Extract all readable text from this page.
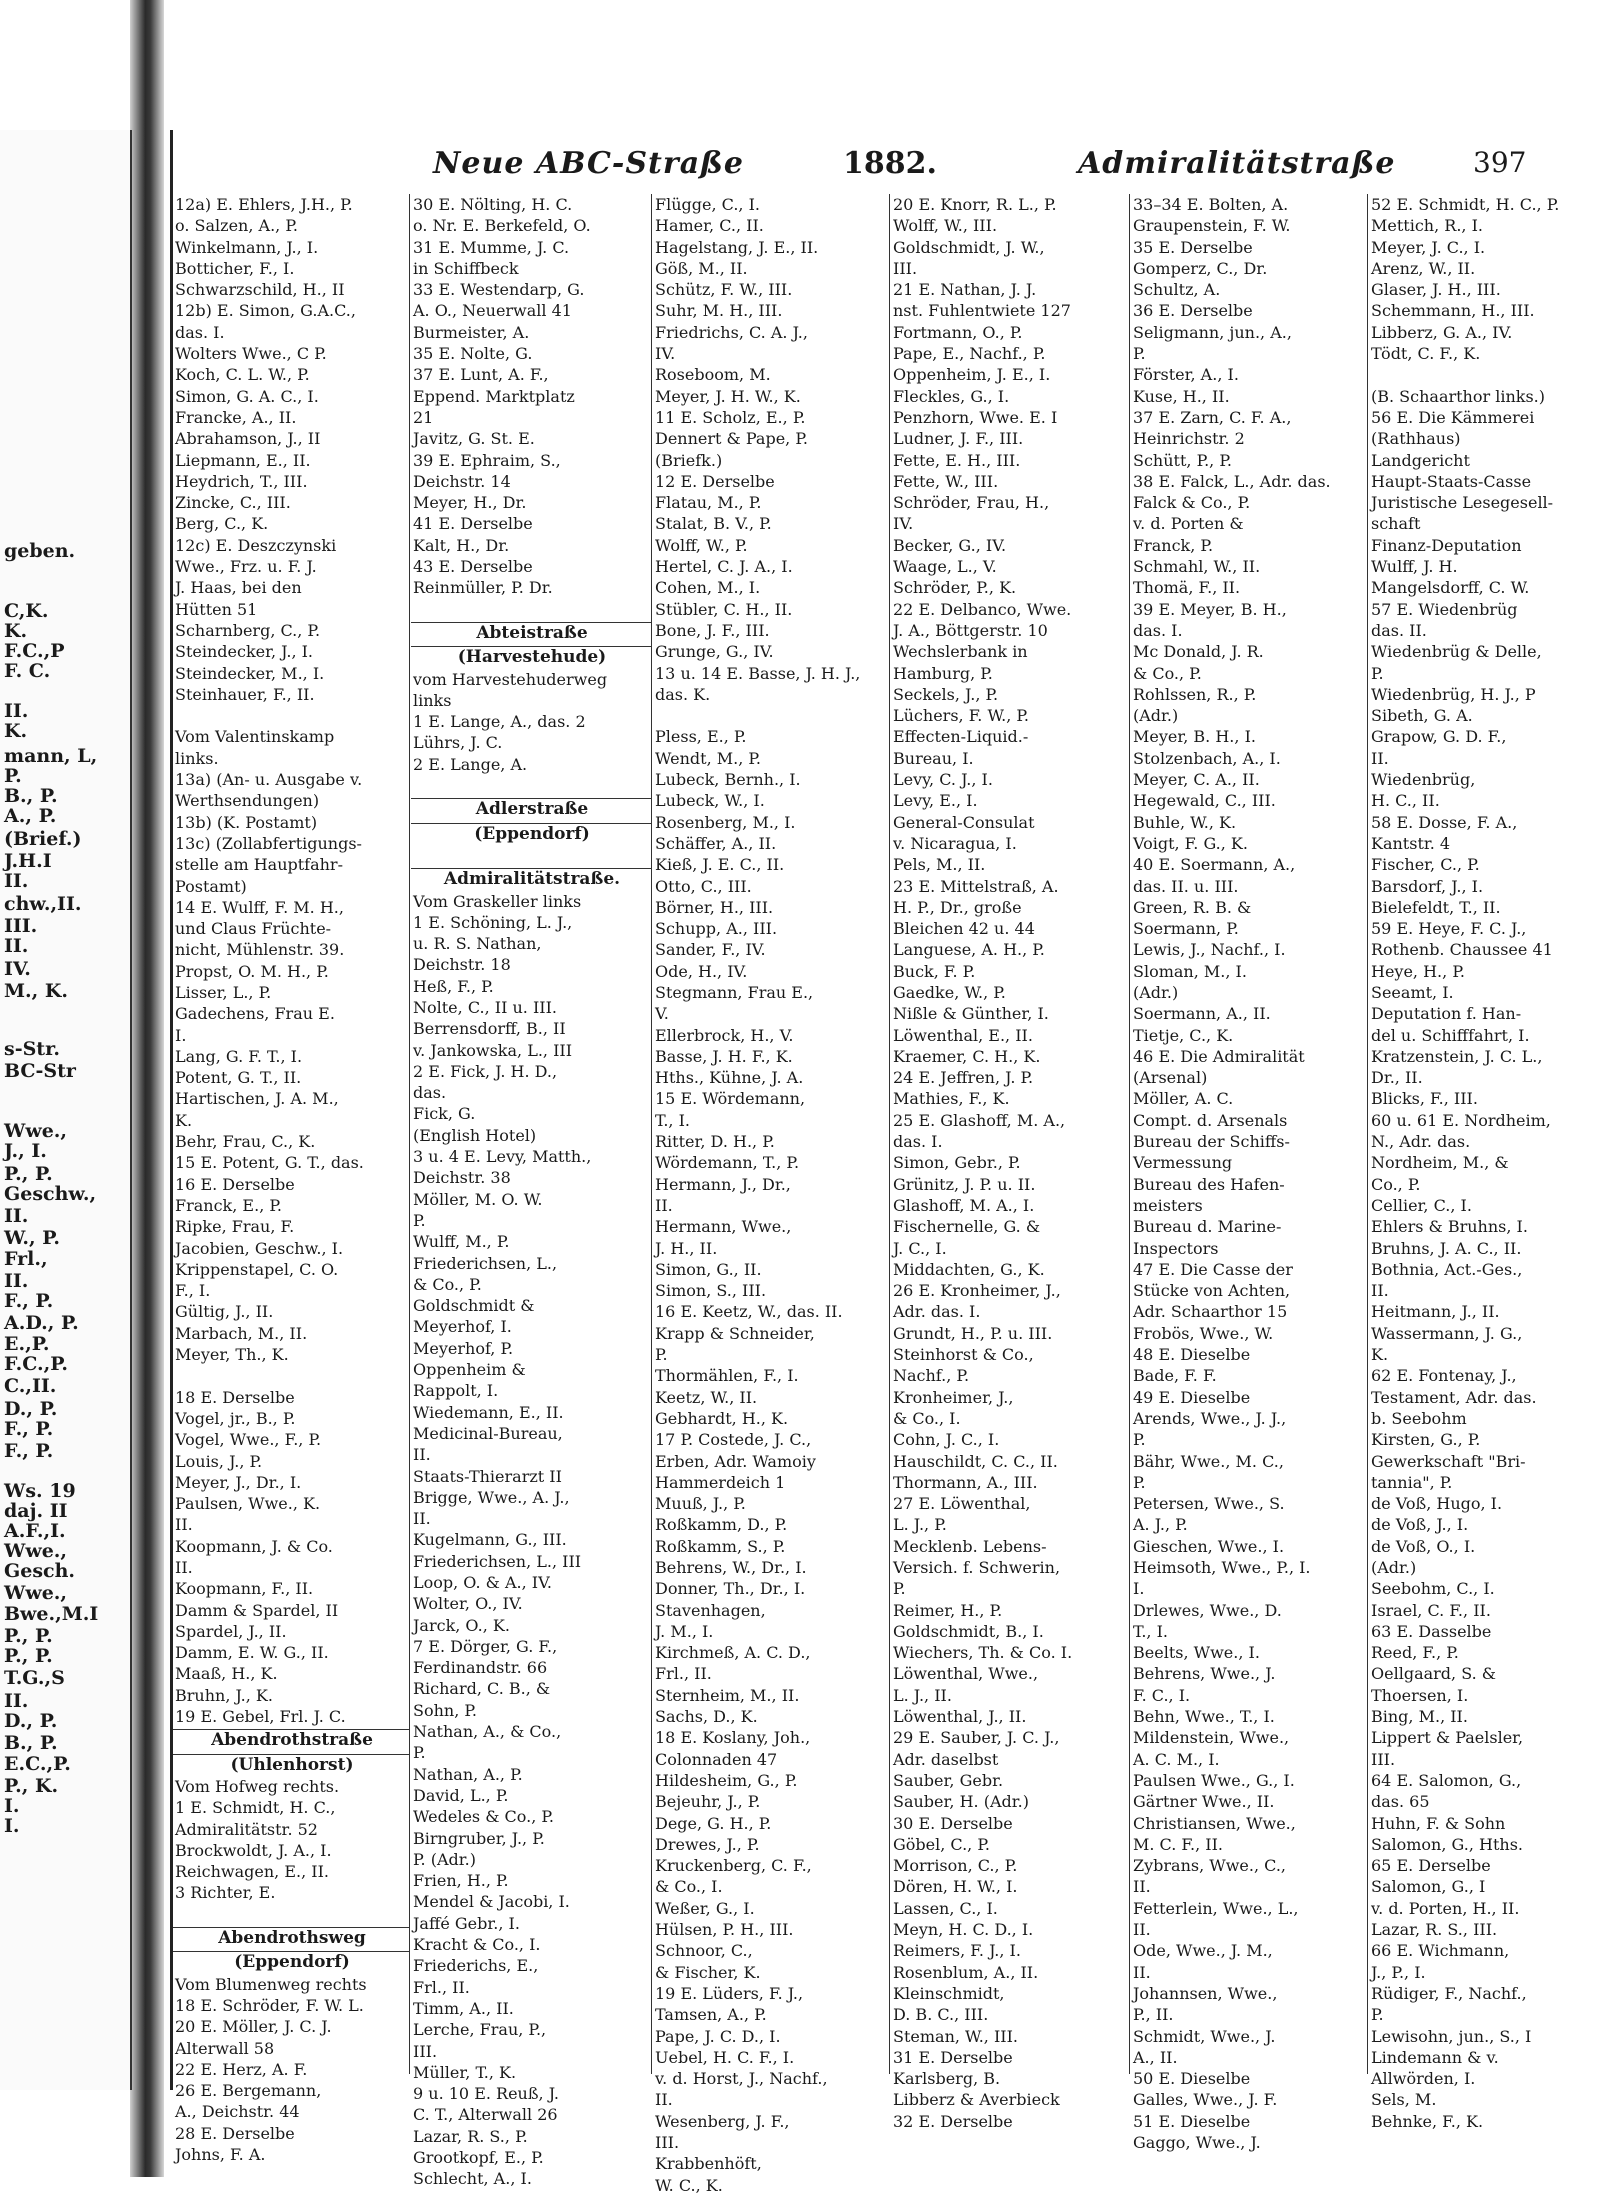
geben.
C,K.
K.
F.C.,P
F. C.
II.
K.
mann, L,
P.
B., P.
A., P.
(Brief.)
J.H.I
II.
chw.,II.
III.
II.
IV.
M., K.
s-Str.
BC-Str
Wwe.,
J., I.
P., P.
Geschw.,
II.
W., P.
Frl.,
II.
F., P.
A.D., P.
E.,P.
F.C.,P.
C.,II.
D., P.
F., P.
F., P.
Ws. 19
daj. II
A.F.,I.
Wwe.,
Gesch.
Wwe.,
Bwe.,M.I
P., P.
P., P.
T.G.,S
II.
D., P.
B., P.
E.C.,P.
P., K.
I.
I.
Neue ABC-Straße	1882.	Admiralitätstraße	397
12a) E. Ehlers, J.H., P.
o. Salzen, A., P.
Winkelmann, J., I.
Botticher, F., I.
Schwarzschild, H., II
12b) E. Simon, G.A.C.,
das. I.
Wolters Wwe., C P.
Koch, C. L. W., P.
Simon, G. A. C., I.
Francke, A., II.
Abrahamson, J., II
Liepmann, E., II.
Heydrich, T., III.
Zincke, C., III.
Berg, C., K.
12c) E. Deszczynski
Wwe., Frz. u. F. J.
J. Haas, bei den
Hütten 51
Scharnberg, C., P.
Steindecker, J., I.
Steindecker, M., I.
Steinhauer, F., II.

Vom Valentinskamp
links.
13a) (An- u. Ausgabe v.
Werthsendungen)
13b) (K. Postamt)
13c) (Zollabfertigungs-
stelle am Hauptfahr-
Postamt)
14 E. Wulff, F. M. H.,
und Claus Früchte-
nicht, Mühlenstr. 39.
Propst, O. M. H., P.
Lisser, L., P.
Gadechens, Frau E.
I.
Lang, G. F. T., I.
Potent, G. T., II.
Hartischen, J. A. M.,
K.
Behr, Frau, C., K.
15 E. Potent, G. T., das.
16 E. Derselbe
Franck, E., P.
Ripke, Frau, F.
Jacobien, Geschw., I.
Krippenstapel, C. O.
F., I.
Gültig, J., II.
Marbach, M., II.
Meyer, Th., K.

18 E. Derselbe
Vogel, jr., B., P.
Vogel, Wwe., F., P.
Louis, J., P.
Meyer, J., Dr., I.
Paulsen, Wwe., K.
II.
Koopmann, J. & Co.
II.
Koopmann, F., II.
Damm & Spardel, II
Spardel, J., II.
Damm, E. W. G., II.
Maaß, H., K.
Bruhn, J., K.
19 E. Gebel, Frl. J. C.
Abendrothstraße
(Uhlenhorst)
Vom Hofweg rechts.
1 E. Schmidt, H. C.,
Admiralitätstr. 52
Brockwoldt, J. A., I.
Reichwagen, E., II.
3 Richter, E.

Abendrothsweg
(Eppendorf)
Vom Blumenweg rechts
18 E. Schröder, F. W. L.
20 E. Möller, J. C. J.
Alterwall 58
22 E. Herz, A. F.
26 E. Bergemann,
A., Deichstr. 44
28 E. Derselbe
Johns, F. A.
30 E. Nölting, H. C.
o. Nr. E. Berkefeld, O.
31 E. Mumme, J. C.
in Schiffbeck
33 E. Westendarp, G.
A. O., Neuerwall 41
Burmeister, A.
35 E. Nolte, G.
37 E. Lunt, A. F.,
Eppend. Marktplatz
21
Javitz, G. St. E.
39 E. Ephraim, S.,
Deichstr. 14
Meyer, H., Dr.
41 E. Derselbe
Kalt, H., Dr.
43 E. Derselbe
Reinmüller, P. Dr.

Abteistraße
(Harvestehude)
vom Harvestehuderweg
links
1 E. Lange, A., das. 2
Lührs, J. C.
2 E. Lange, A.

Adlerstraße
(Eppendorf)

Admiralitätstraße.
Vom Graskeller links
1 E. Schöning, L. J.,
u. R. S. Nathan,
Deichstr. 18
Heß, F., P.
Nolte, C., II u. III.
Berrensdorff, B., II
v. Jankowska, L., III
2 E. Fick, J. H. D.,
das.
Fick, G.
(English Hotel)
3 u. 4 E. Levy, Matth.,
Deichstr. 38
Möller, M. O. W.
P.
Wulff, M., P.
Friederichsen, L.,
& Co., P.
Goldschmidt &
Meyerhof, I.
Meyerhof, P.
Oppenheim &
Rappolt, I.
Wiedemann, E., II.
Medicinal-Bureau,
II.
Staats-Thierarzt II
Brigge, Wwe., A. J.,
II.
Kugelmann, G., III.
Friederichsen, L., III
Loop, O. & A., IV.
Wolter, O., IV.
Jarck, O., K.
7 E. Dörger, G. F.,
Ferdinandstr. 66
Richard, C. B., &
Sohn, P.
Nathan, A., & Co.,
P.
Nathan, A., P.
David, L., P.
Wedeles & Co., P.
Birngruber, J., P.
P. (Adr.)
Frien, H., P.
Mendel & Jacobi, I.
Jaffé Gebr., I.
Kracht & Co., I.
Friederichs, E.,
Frl., II.
Timm, A., II.
Lerche, Frau, P.,
III.
Müller, T., K.
9 u. 10 E. Reuß, J.
C. T., Alterwall 26
Lazar, R. S., P.
Grootkopf, E., P.
Schlecht, A., I.
Flügge, C., I.
Hamer, C., II.
Hagelstang, J. E., II.
Göß, M., II.
Schütz, F. W., III.
Suhr, M. H., III.
Friedrichs, C. A. J.,
IV.
Roseboom, M.
Meyer, J. H. W., K.
11 E. Scholz, E., P.
Dennert & Pape, P.
(Briefk.)
12 E. Derselbe
Flatau, M., P.
Stalat, B. V., P.
Wolff, W., P.
Hertel, C. J. A., I.
Cohen, M., I.
Stübler, C. H., II.
Bone, J. F., III.
Grunge, G., IV.
13 u. 14 E. Basse, J. H. J.,
das. K.

Pless, E., P.
Wendt, M., P.
Lubeck, Bernh., I.
Lubeck, W., I.
Rosenberg, M., I.
Schäffer, A., II.
Kieß, J. E. C., II.
Otto, C., III.
Börner, H., III.
Schupp, A., III.
Sander, F., IV.
Ode, H., IV.
Stegmann, Frau E.,
V.
Ellerbrock, H., V.
Basse, J. H. F., K.
Hths., Kühne, J. A.
15 E. Wördemann,
T., I.
Ritter, D. H., P.
Wördemann, T., P.
Hermann, J., Dr.,
II.
Hermann, Wwe.,
J. H., II.
Simon, G., II.
Simon, S., III.
16 E. Keetz, W., das. II.
Krapp & Schneider,
P.
Thormählen, F., I.
Keetz, W., II.
Gebhardt, H., K.
17 P. Costede, J. C.,
Erben, Adr. Wamoiy
Hammerdeich 1
Muuß, J., P.
Roßkamm, D., P.
Roßkamm, S., P.
Behrens, W., Dr., I.
Donner, Th., Dr., I.
Stavenhagen,
J. M., I.
Kirchmeß, A. C. D.,
Frl., II.
Sternheim, M., II.
Sachs, D., K.
18 E. Koslany, Joh.,
Colonnaden 47
Hildesheim, G., P.
Bejeuhr, J., P.
Dege, G. H., P.
Drewes, J., P.
Kruckenberg, C. F.,
& Co., I.
Weßer, G., I.
Hülsen, P. H., III.
Schnoor, C.,
& Fischer, K.
19 E. Lüders, F. J.,
Tamsen, A., P.
Pape, J. C. D., I.
Uebel, H. C. F., I.
v. d. Horst, J., Nachf.,
II.
Wesenberg, J. F.,
III.
Krabbenhöft,
W. C., K.
20 E. Knorr, R. L., P.
Wolff, W., III.
Goldschmidt, J. W.,
III.
21 E. Nathan, J. J.
nst. Fuhlentwiete 127
Fortmann, O., P.
Pape, E., Nachf., P.
Oppenheim, J. E., I.
Fleckles, G., I.
Penzhorn, Wwe. E. I
Ludner, J. F., III.
Fette, E. H., III.
Fette, W., III.
Schröder, Frau, H.,
IV.
Becker, G., IV.
Waage, L., V.
Schröder, P., K.
22 E. Delbanco, Wwe.
J. A., Böttgerstr. 10
Wechslerbank in
Hamburg, P.
Seckels, J., P.
Lüchers, F. W., P.
Effecten-Liquid.-
Bureau, I.
Levy, C. J., I.
Levy, E., I.
General-Consulat
v. Nicaragua, I.
Pels, M., II.
23 E. Mittelstraß, A.
H. P., Dr., große
Bleichen 42 u. 44
Languese, A. H., P.
Buck, F. P.
Gaedke, W., P.
Nißle & Günther, I.
Löwenthal, E., II.
Kraemer, C. H., K.
24 E. Jeffren, J. P.
Mathies, F., K.
25 E. Glashoff, M. A.,
das. I.
Simon, Gebr., P.
Grünitz, J. P. u. II.
Glashoff, M. A., I.
Fischernelle, G. &
J. C., I.
Middachten, G., K.
26 E. Kronheimer, J.,
Adr. das. I.
Grundt, H., P. u. III.
Steinhorst & Co.,
Nachf., P.
Kronheimer, J.,
& Co., I.
Cohn, J. C., I.
Hauschildt, C. C., II.
Thormann, A., III.
27 E. Löwenthal,
L. J., P.
Mecklenb. Lebens-
Versich. f. Schwerin,
P.
Reimer, H., P.
Goldschmidt, B., I.
Wiechers, Th. & Co. I.
Löwenthal, Wwe.,
L. J., II.
Löwenthal, J., II.
29 E. Sauber, J. C. J.,
Adr. daselbst
Sauber, Gebr.
Sauber, H. (Adr.)
30 E. Derselbe
Göbel, C., P.
Morrison, C., P.
Dören, H. W., I.
Lassen, C., I.
Meyn, H. C. D., I.
Reimers, F. J., I.
Rosenblum, A., II.
Kleinschmidt,
D. B. C., III.
Steman, W., III.
31 E. Derselbe
Karlsberg, B.
Libberz & Averbieck
32 E. Derselbe
33–34 E. Bolten, A.
Graupenstein, F. W.
35 E. Derselbe
Gomperz, C., Dr.
Schultz, A.
36 E. Derselbe
Seligmann, jun., A.,
P.
Förster, A., I.
Kuse, H., II.
37 E. Zarn, C. F. A.,
Heinrichstr. 2
Schütt, P., P.
38 E. Falck, L., Adr. das.
Falck & Co., P.
v. d. Porten &
Franck, P.
Schmahl, W., II.
Thomä, F., II.
39 E. Meyer, B. H.,
das. I.
Mc Donald, J. R.
& Co., P.
Rohlssen, R., P.
(Adr.)
Meyer, B. H., I.
Stolzenbach, A., I.
Meyer, C. A., II.
Hegewald, C., III.
Buhle, W., K.
Voigt, F. G., K.
40 E. Soermann, A.,
das. II. u. III.
Green, R. B. &
Soermann, P.
Lewis, J., Nachf., I.
Sloman, M., I.
(Adr.)
Soermann, A., II.
Tietje, C., K.
46 E. Die Admiralität
(Arsenal)
Möller, A. C.
Compt. d. Arsenals
Bureau der Schiffs-
Vermessung
Bureau des Hafen-
meisters
Bureau d. Marine-
Inspectors
47 E. Die Casse der
Stücke von Achten,
Adr. Schaarthor 15
Frobös, Wwe., W.
48 E. Dieselbe
Bade, F. F.
49 E. Dieselbe
Arends, Wwe., J. J.,
P.
Bähr, Wwe., M. C.,
P.
Petersen, Wwe., S.
A. J., P.
Gieschen, Wwe., I.
Heimsoth, Wwe., P., I.
I.
Drlewes, Wwe., D.
T., I.
Beelts, Wwe., I.
Behrens, Wwe., J.
F. C., I.
Behn, Wwe., T., I.
Mildenstein, Wwe.,
A. C. M., I.
Paulsen Wwe., G., I.
Gärtner Wwe., II.
Christiansen, Wwe.,
M. C. F., II.
Zybrans, Wwe., C.,
II.
Fetterlein, Wwe., L.,
II.
Ode, Wwe., J. M.,
II.
Johannsen, Wwe.,
P., II.
Schmidt, Wwe., J.
A., II.
50 E. Dieselbe
Galles, Wwe., J. F.
51 E. Dieselbe
Gaggo, Wwe., J.
52 E. Schmidt, H. C., P.
Mettich, R., I.
Meyer, J. C., I.
Arenz, W., II.
Glaser, J. H., III.
Schemmann, H., III.
Libberz, G. A., IV.
Tödt, C. F., K.

(B. Schaarthor links.)
56 E. Die Kämmerei
(Rathhaus)
Landgericht
Haupt-Staats-Casse
Juristische Lesegesell-
schaft
Finanz-Deputation
Wulff, J. H.
Mangelsdorff, C. W.
57 E. Wiedenbrüg
das. II.
Wiedenbrüg & Delle,
P.
Wiedenbrüg, H. J., P
Sibeth, G. A.
Grapow, G. D. F.,
II.
Wiedenbrüg,
H. C., II.
58 E. Dosse, F. A.,
Kantstr. 4
Fischer, C., P.
Barsdorf, J., I.
Bielefeldt, T., II.
59 E. Heye, F. C. J.,
Rothenb. Chaussee 41
Heye, H., P.
Seeamt, I.
Deputation f. Han-
del u. Schifffahrt, I.
Kratzenstein, J. C. L.,
Dr., II.
Blicks, F., III.
60 u. 61 E. Nordheim,
N., Adr. das.
Nordheim, M., &
Co., P.
Cellier, C., I.
Ehlers & Bruhns, I.
Bruhns, J. A. C., II.
Bothnia, Act.-Ges.,
II.
Heitmann, J., II.
Wassermann, J. G.,
K.
62 E. Fontenay, J.,
Testament, Adr. das.
b. Seebohm
Kirsten, G., P.
Gewerkschaft "Bri-
tannia", P.
de Voß, Hugo, I.
de Voß, J., I.
de Voß, O., I.
(Adr.)
Seebohm, C., I.
Israel, C. F., II.
63 E. Dasselbe
Reed, F., P.
Oellgaard, S. &
Thoersen, I.
Bing, M., II.
Lippert & Paelsler,
III.
64 E. Salomon, G.,
das. 65
Huhn, F. & Sohn
Salomon, G., Hths.
65 E. Derselbe
Salomon, G., I
v. d. Porten, H., II.
Lazar, R. S., III.
66 E. Wichmann,
J., P., I.
Rüdiger, F., Nachf.,
P.
Lewisohn, jun., S., I
Lindemann & v.
Allwörden, I.
Sels, M.
Behnke, F., K.
